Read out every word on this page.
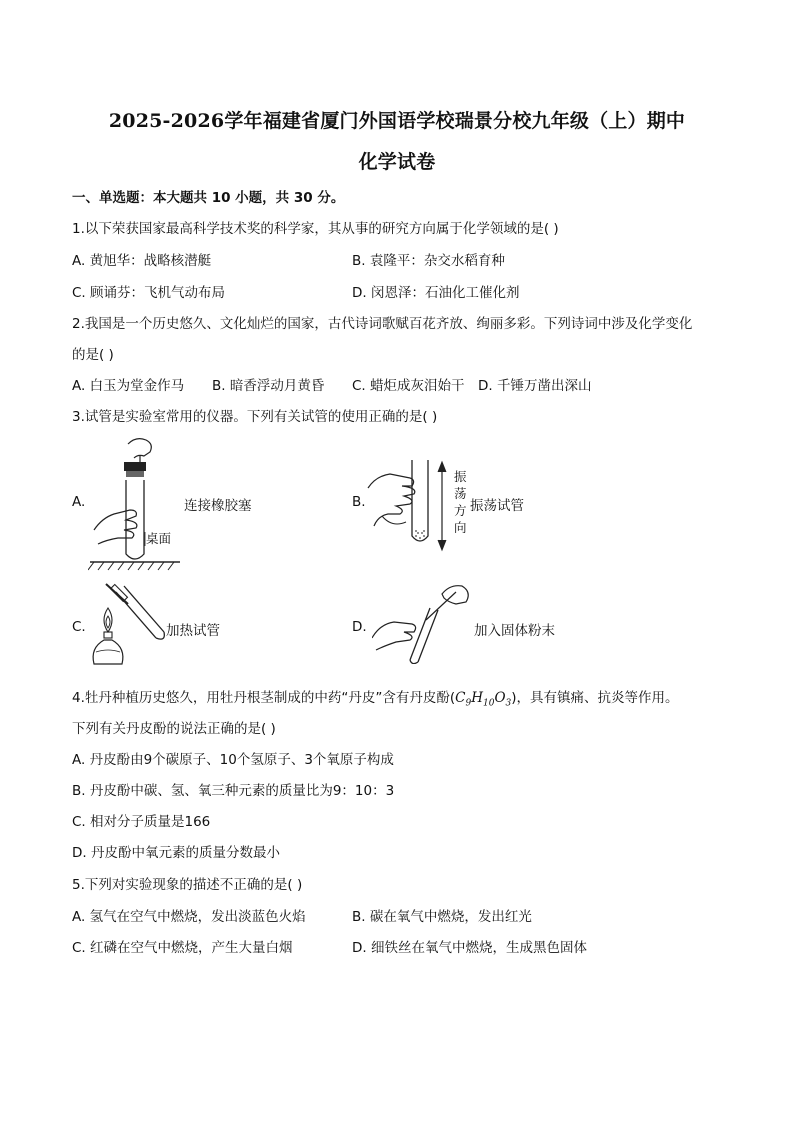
2025-2026学年福建省厦门外国语学校瑞景分校九年级（上）期中
化学试卷
一、单选题：本大题共 10 小题，共 30 分。
1.以下荣获国家最高科学技术奖的科学家，其从事的研究方向属于化学领域的是( )
A. 黄旭华：战略核潜艇	B. 袁隆平：杂交水稻育种
C. 顾诵芬：飞机气动布局	D. 闵恩泽：石油化工催化剂
2.我国是一个历史悠久、文化灿烂的国家，古代诗词歌赋百花齐放、绚丽多彩。下列诗词中涉及化学变化
的是( )
A. 白玉为堂金作马 B. 暗香浮动月黄昏 C. 蜡炬成灰泪始干 D. 千锤万凿出深山
3.试管是实验室常用的仪器。下列有关试管的使用正确的是( )
A.
桌面
连接橡胶塞	B.
振
荡
方
向
振荡试管
C.	加热试管	D.	加入固体粉末
4.牡丹种植历史悠久，用牡丹根茎制成的中药“丹皮”含有丹皮酚$(C_9H_{10}O_3)$，具有镇痛、抗炎等作用。
下列有关丹皮酚的说法正确的是( )
A. 丹皮酚由9个碳原子、10个氢原子、3个氧原子构成
B. 丹皮酚中碳、氢、氧三种元素的质量比为9：10：3
C. 相对分子质量是166
D. 丹皮酚中氧元素的质量分数最小
5.下列对实验现象的描述不正确的是( )
A. 氢气在空气中燃烧，发出淡蓝色火焰	B. 碳在氧气中燃烧，发出红光
C. 红磷在空气中燃烧，产生大量白烟	D. 细铁丝在氧气中燃烧，生成黑色固体
